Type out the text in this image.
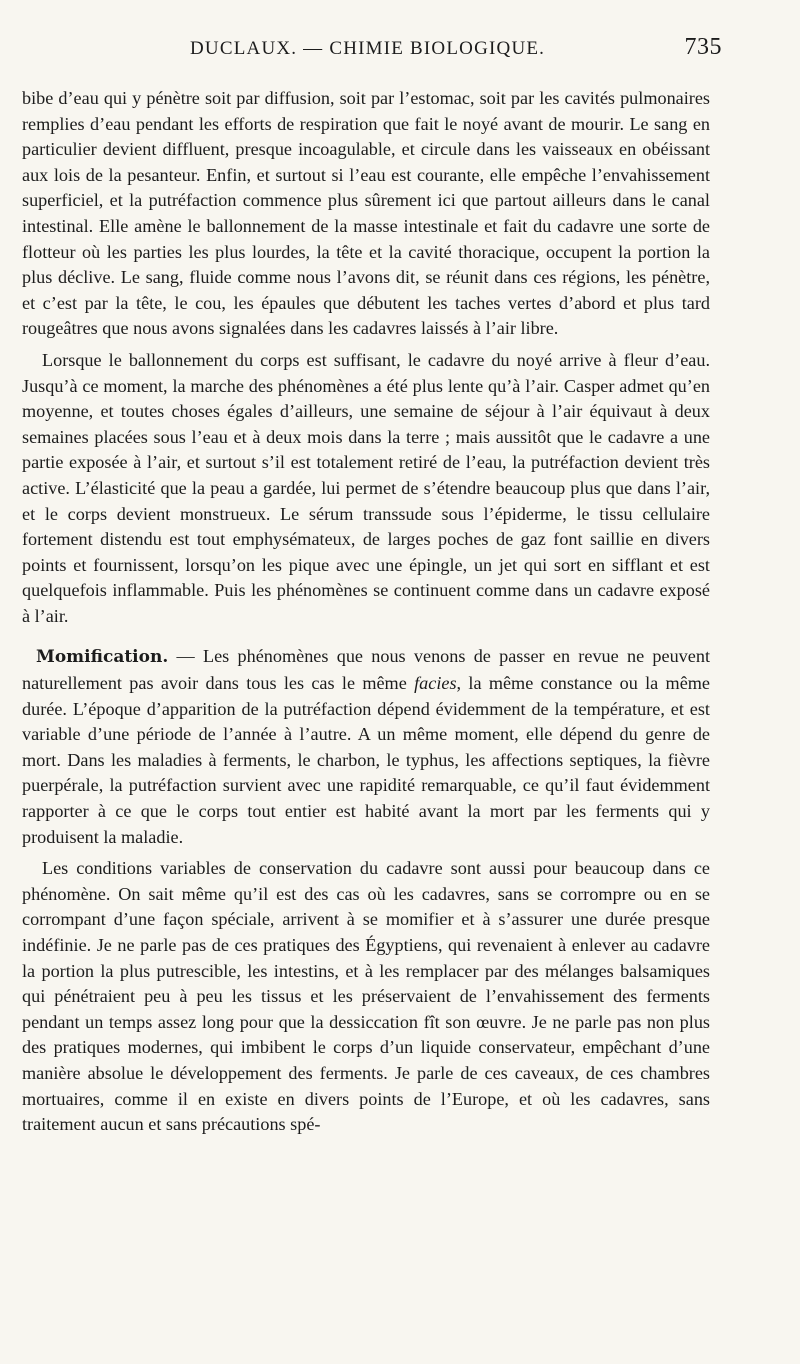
DUCLAUX. — CHIMIE BIOLOGIQUE.	735

bibe d’eau qui y pénètre soit par diffusion, soit par l’estomac, soit par les cavités pulmonaires remplies d’eau pendant les efforts de respiration que fait le noyé avant de mourir. Le sang en particulier devient diffluent, presque incoagulable, et circule dans les vaisseaux en obéissant aux lois de la pesanteur. Enfin, et surtout si l’eau est courante, elle empêche l’envahissement superficiel, et la putréfaction commence plus sûrement ici que partout ailleurs dans le canal intestinal. Elle amène le ballonnement de la masse intestinale et fait du cadavre une sorte de flotteur où les parties les plus lourdes, la tête et la cavité thoracique, occupent la portion la plus déclive. Le sang, fluide comme nous l’avons dit, se réunit dans ces régions, les pénètre, et c’est par la tête, le cou, les épaules que débutent les taches vertes d’abord et plus tard rougeâtres que nous avons signalées dans les cadavres laissés à l’air libre.

Lorsque le ballonnement du corps est suffisant, le cadavre du noyé arrive à fleur d’eau. Jusqu’à ce moment, la marche des phénomènes a été plus lente qu’à l’air. Casper admet qu’en moyenne, et toutes choses égales d’ailleurs, une semaine de séjour à l’air équivaut à deux semaines placées sous l’eau et à deux mois dans la terre ; mais aussitôt que le cadavre a une partie exposée à l’air, et surtout s’il est totalement retiré de l’eau, la putréfaction devient très active. L’élasticité que la peau a gardée, lui permet de s’étendre beaucoup plus que dans l’air, et le corps devient monstrueux. Le sérum transsude sous l’épiderme, le tissu cellulaire fortement distendu est tout emphysémateux, de larges poches de gaz font saillie en divers points et fournissent, lorsqu’on les pique avec une épingle, un jet qui sort en sifflant et est quelquefois inflammable. Puis les phénomènes se continuent comme dans un cadavre exposé à l’air.

Momification. — Les phénomènes que nous venons de passer en revue ne peuvent naturellement pas avoir dans tous les cas le même facies, la même constance ou la même durée. L’époque d’apparition de la putréfaction dépend évidemment de la température, et est variable d’une période de l’année à l’autre. A un même moment, elle dépend du genre de mort. Dans les maladies à ferments, le charbon, le typhus, les affections septiques, la fièvre puerpérale, la putréfaction survient avec une rapidité remarquable, ce qu’il faut évidemment rapporter à ce que le corps tout entier est habité avant la mort par les ferments qui y produisent la maladie.

Les conditions variables de conservation du cadavre sont aussi pour beaucoup dans ce phénomène. On sait même qu’il est des cas où les cadavres, sans se corrompre ou en se corrompant d’une façon spéciale, arrivent à se momifier et à s’assurer une durée presque indéfinie. Je ne parle pas de ces pratiques des Égyptiens, qui revenaient à enlever au cadavre la portion la plus putrescible, les intestins, et à les remplacer par des mélanges balsamiques qui pénétraient peu à peu les tissus et les préservaient de l’envahissement des ferments pendant un temps assez long pour que la dessiccation fît son œuvre. Je ne parle pas non plus des pratiques modernes, qui imbibent le corps d’un liquide conservateur, empêchant d’une manière absolue le développement des ferments. Je parle de ces caveaux, de ces chambres mortuaires, comme il en existe en divers points de l’Europe, et où les cadavres, sans traitement aucun et sans précautions spé-
